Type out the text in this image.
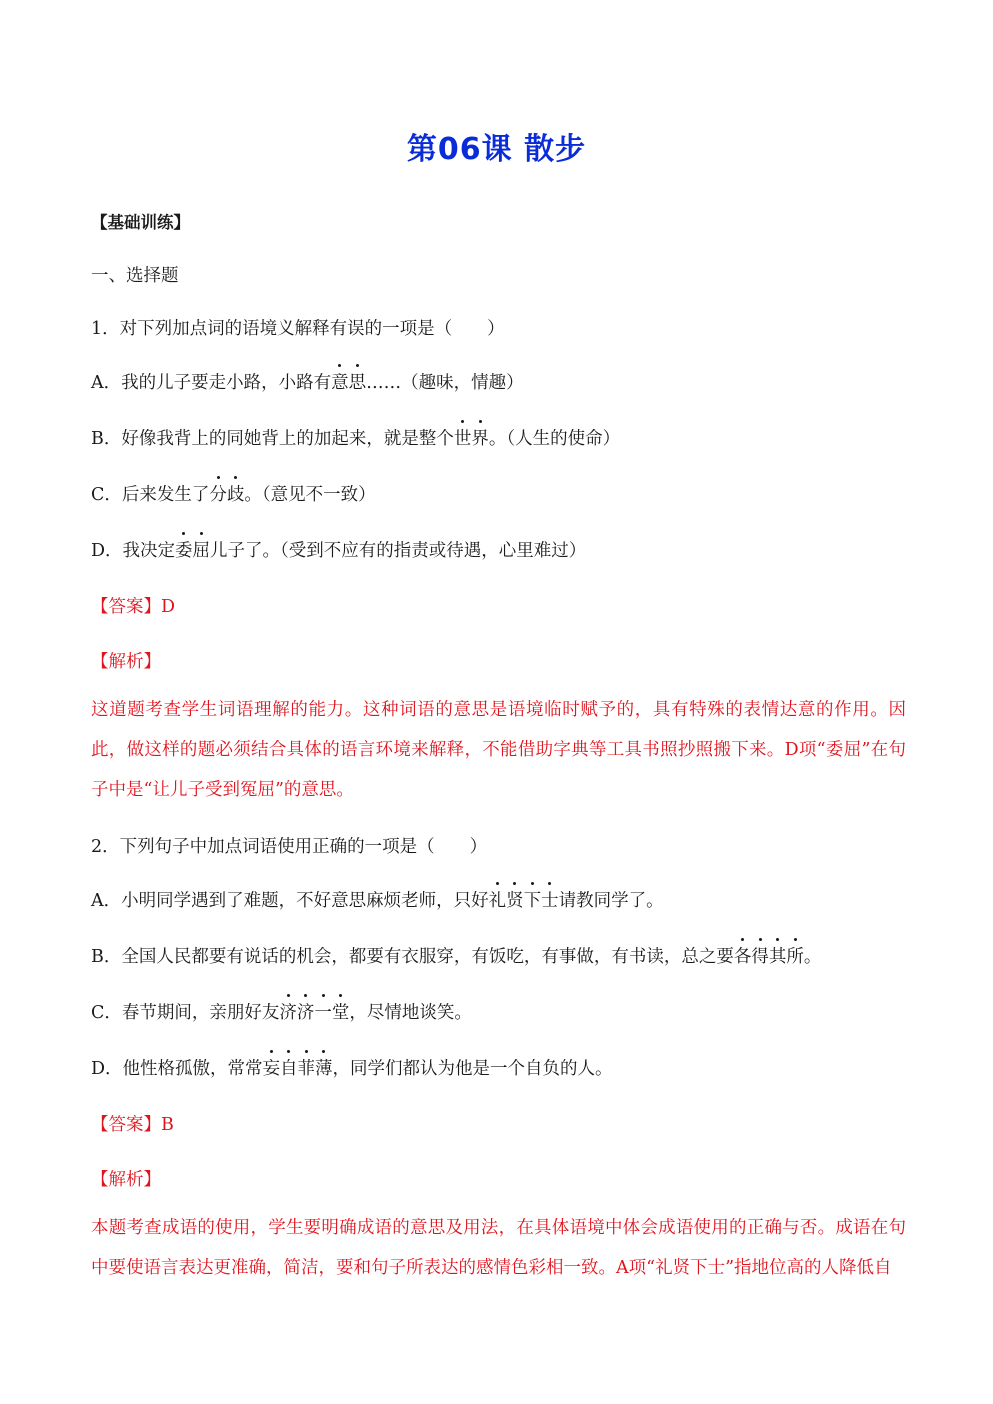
第06课 散步
【基础训练】
一、选择题
1．对下列加点词的语境义解释有误的一项是（　　）
A．我的儿子要走小路，小路有意思……（趣味，情趣）
B．好像我背上的同她背上的加起来，就是整个世界。（人生的使命）
C．后来发生了分歧。（意见不一致）
D．我决定委屈儿子了。（受到不应有的指责或待遇，心里难过）
【答案】D
【解析】
这道题考查学生词语理解的能力。这种词语的意思是语境临时赋予的，具有特殊的表情达意的作用。因此，做这样的题必须结合具体的语言环境来解释，不能借助字典等工具书照抄照搬下来。D项“委屈”在句子中是“让儿子受到冤屈”的意思。
2．下列句子中加点词语使用正确的一项是（　　）
A．小明同学遇到了难题，不好意思麻烦老师，只好礼贤下士请教同学了。
B．全国人民都要有说话的机会，都要有衣服穿，有饭吃，有事做，有书读，总之要各得其所。
C．春节期间，亲朋好友济济一堂，尽情地谈笑。
D．他性格孤傲，常常妄自菲薄，同学们都认为他是一个自负的人。
【答案】B
【解析】
本题考查成语的使用，学生要明确成语的意思及用法，在具体语境中体会成语使用的正确与否。成语在句中要使语言表达更准确，简洁，要和句子所表达的感情色彩相一致。A项“礼贤下士”指地位高的人降低自
